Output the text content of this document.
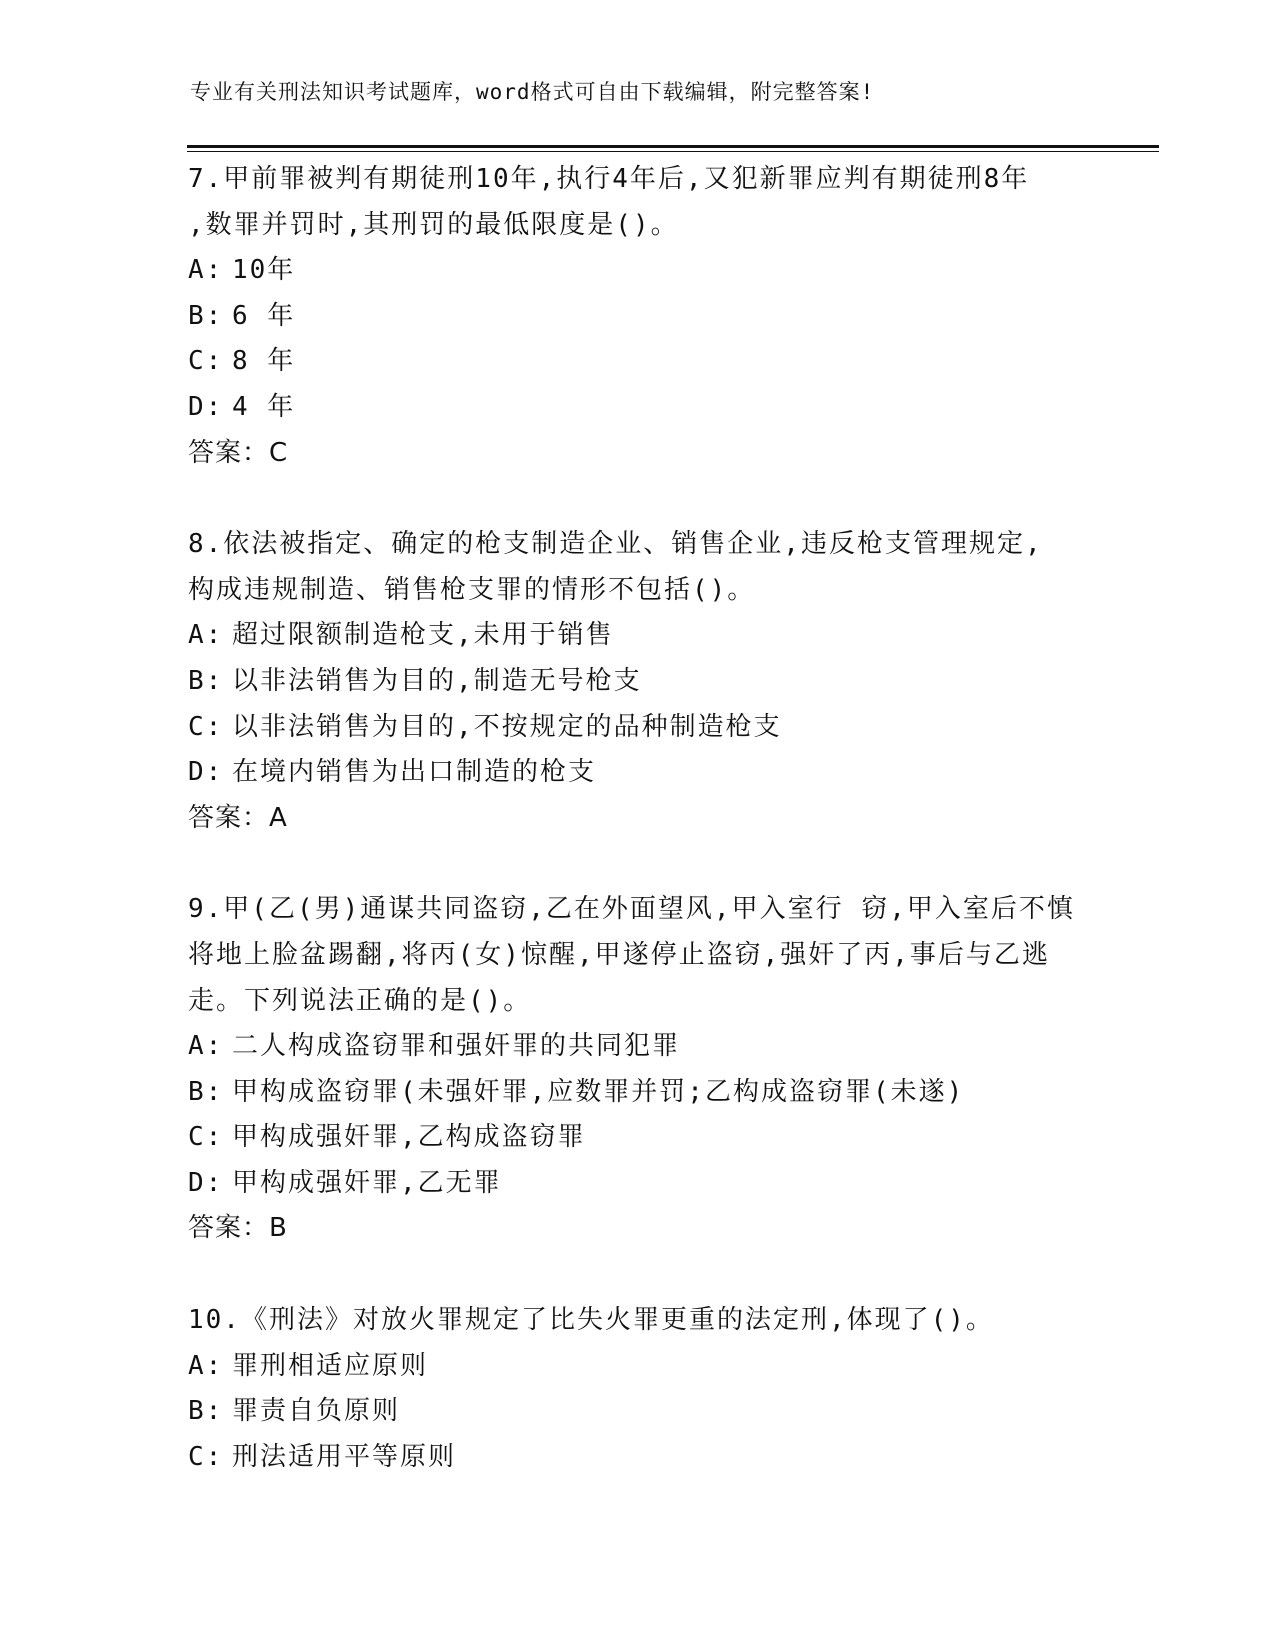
专业有关刑法知识考试题库，word格式可自由下载编辑，附完整答案!
7.甲前罪被判有期徒刑10年,执行4年后,又犯新罪应判有期徒刑8年
,数罪并罚时,其刑罚的最低限度是()。
A: 10年
B: 6 年
C: 8 年
D: 4 年
答案：C
8.依法被指定、确定的枪支制造企业、销售企业,违反枪支管理规定,
构成违规制造、销售枪支罪的情形不包括()。
A: 超过限额制造枪支,未用于销售
B: 以非法销售为目的,制造无号枪支
C: 以非法销售为目的,不按规定的品种制造枪支
D: 在境内销售为出口制造的枪支
答案：A
9.甲(乙(男)通谋共同盗窃,乙在外面望风,甲入室行 窃,甲入室后不慎
将地上脸盆踢翻,将丙(女)惊醒,甲遂停止盗窃,强奸了丙,事后与乙逃
走。下列说法正确的是()。
A: 二人构成盗窃罪和强奸罪的共同犯罪
B: 甲构成盗窃罪(未强奸罪,应数罪并罚;乙构成盗窃罪(未遂)
C: 甲构成强奸罪,乙构成盗窃罪
D: 甲构成强奸罪,乙无罪
答案：B
10.《刑法》对放火罪规定了比失火罪更重的法定刑,体现了()。
A: 罪刑相适应原则
B: 罪责自负原则
C: 刑法适用平等原则
